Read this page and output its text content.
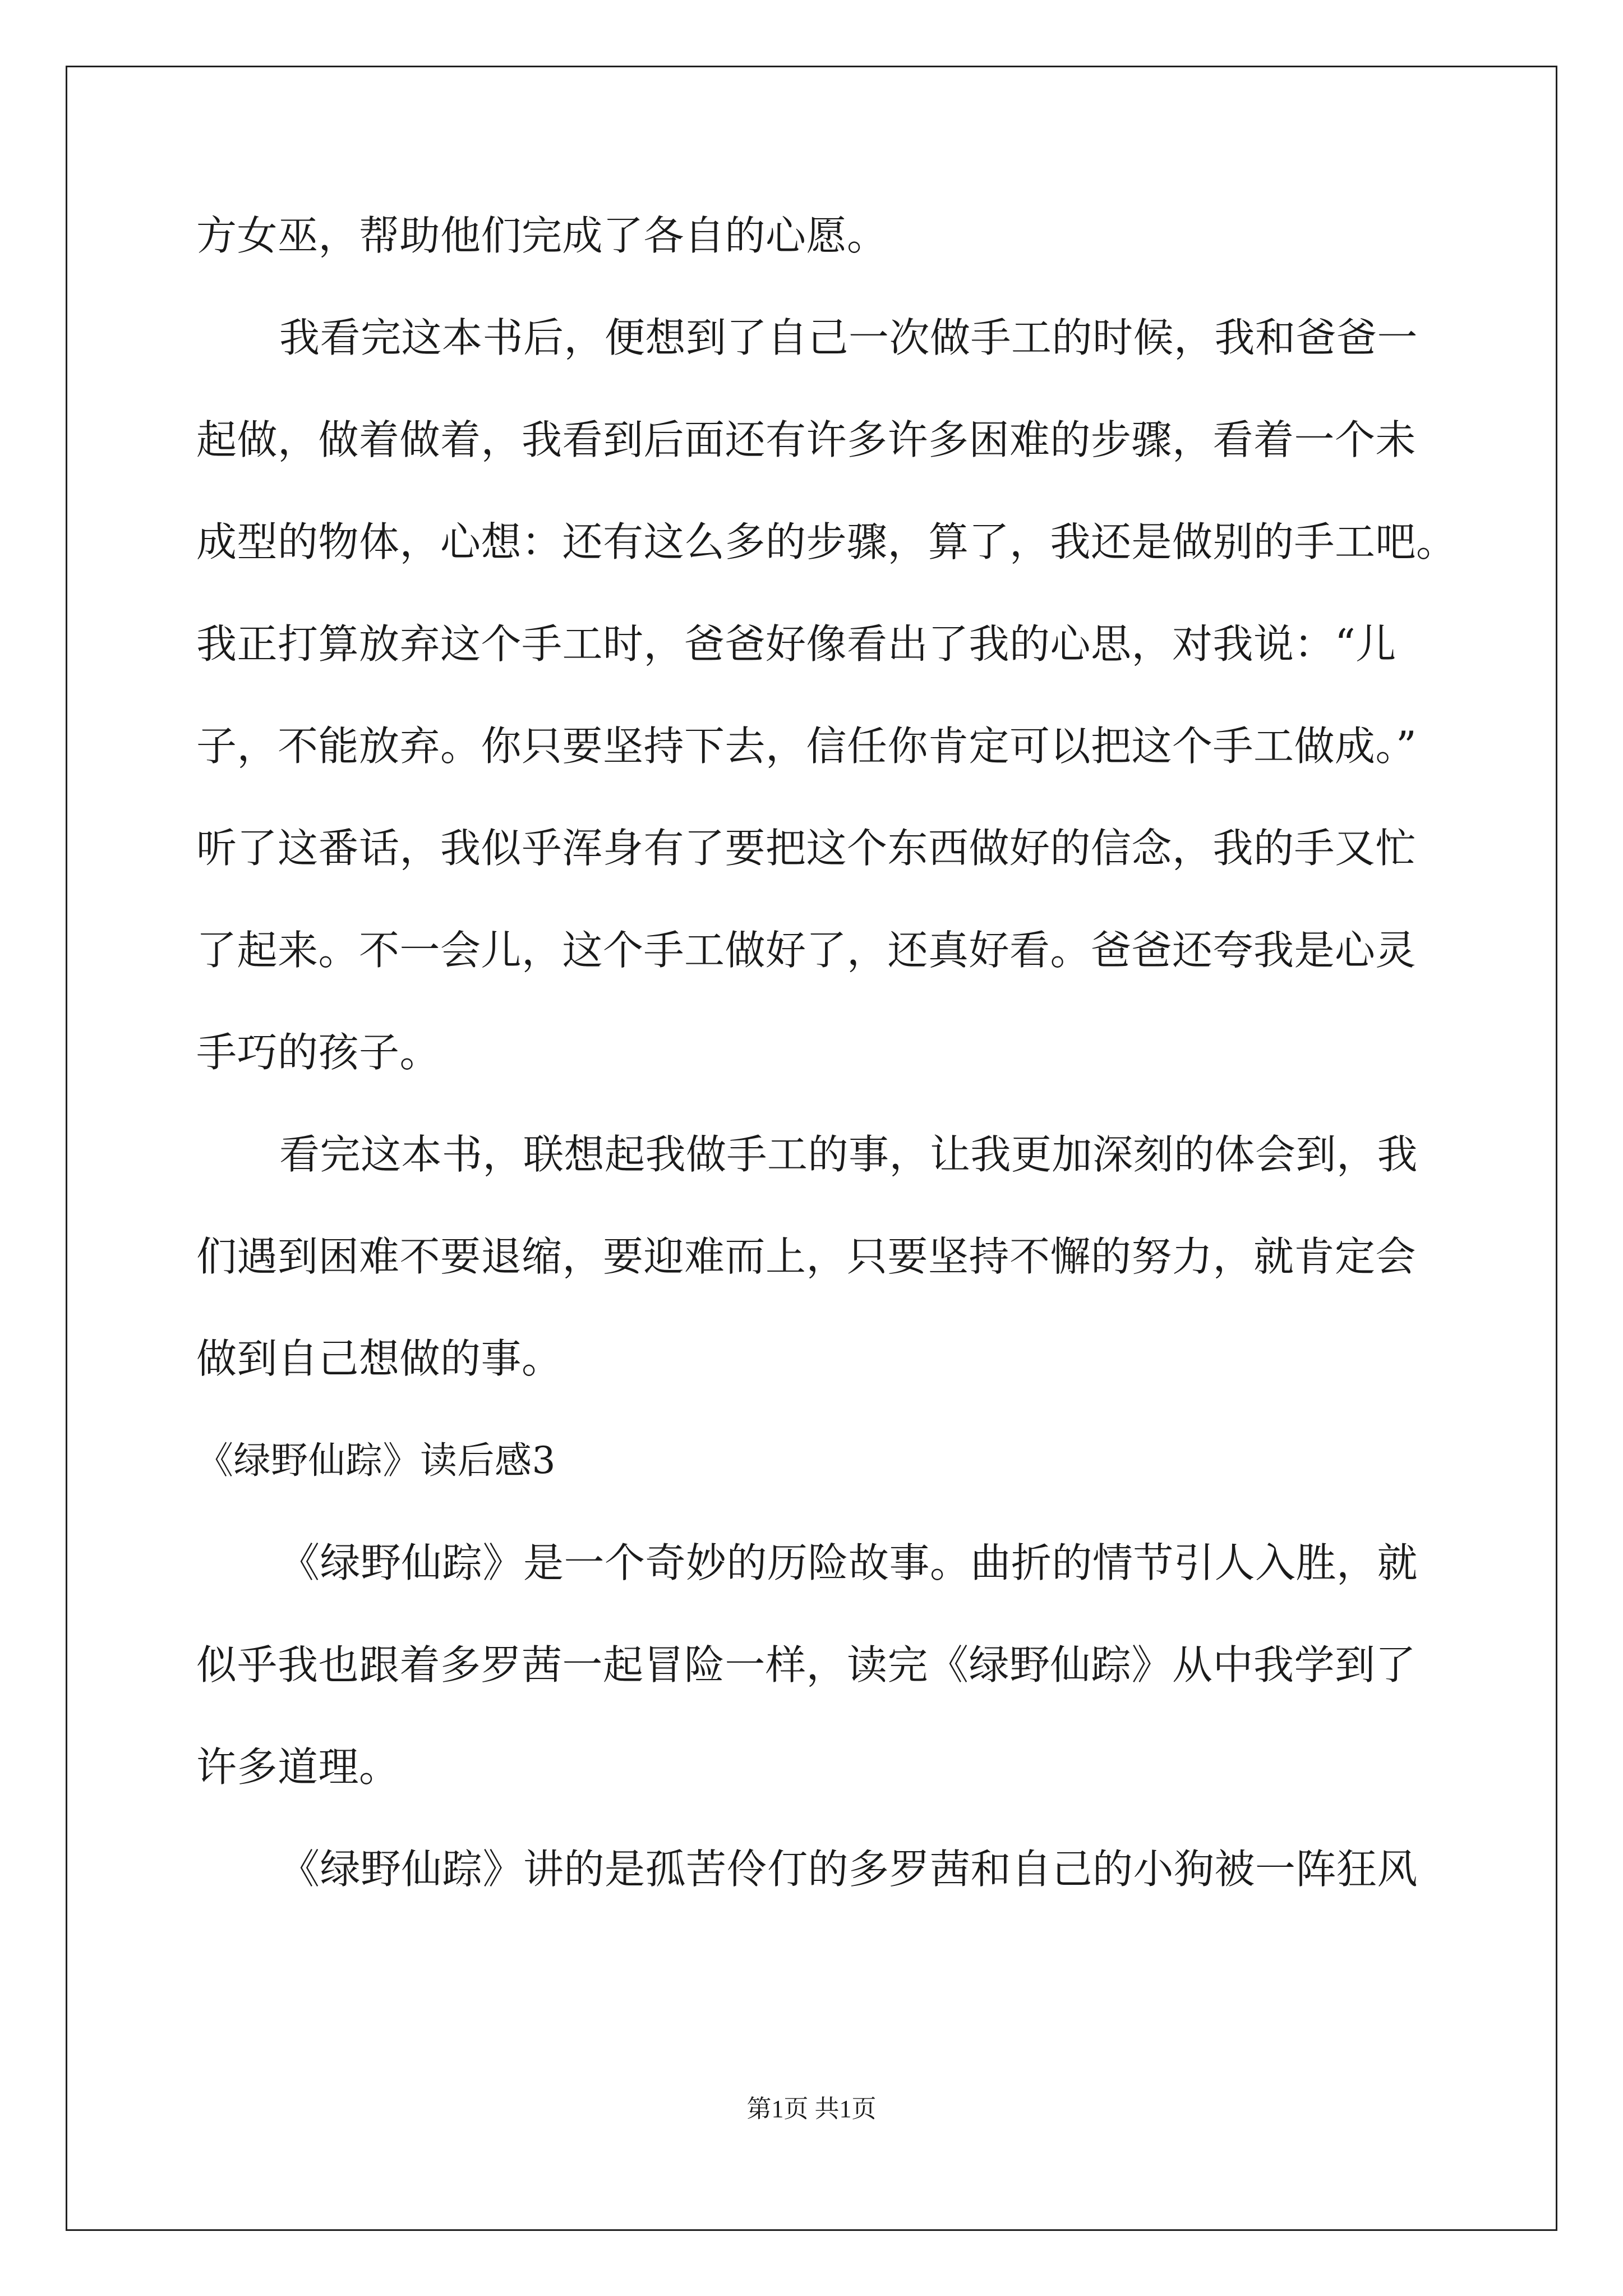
方女巫，帮助他们完成了各自的心愿。
我看完这本书后，便想到了自己一次做手工的时候，我和爸爸一
起做，做着做着，我看到后面还有许多许多困难的步骤，看着一个未
成型的物体，心想：还有这么多的步骤，算了，我还是做别的手工吧。
我正打算放弃这个手工时，爸爸好像看出了我的心思，对我说：“儿
子，不能放弃。你只要坚持下去，信任你肯定可以把这个手工做成。”
听了这番话，我似乎浑身有了要把这个东西做好的信念，我的手又忙
了起来。不一会儿，这个手工做好了，还真好看。爸爸还夸我是心灵
手巧的孩子。
看完这本书，联想起我做手工的事，让我更加深刻的体会到，我
们遇到困难不要退缩，要迎难而上，只要坚持不懈的努力，就肯定会
做到自己想做的事。
《绿野仙踪》读后感3
《绿野仙踪》是一个奇妙的历险故事。曲折的情节引人入胜，就
似乎我也跟着多罗茜一起冒险一样，读完《绿野仙踪》从中我学到了
许多道理。
《绿野仙踪》讲的是孤苦伶仃的多罗茜和自己的小狗被一阵狂风
第1页 共1页
